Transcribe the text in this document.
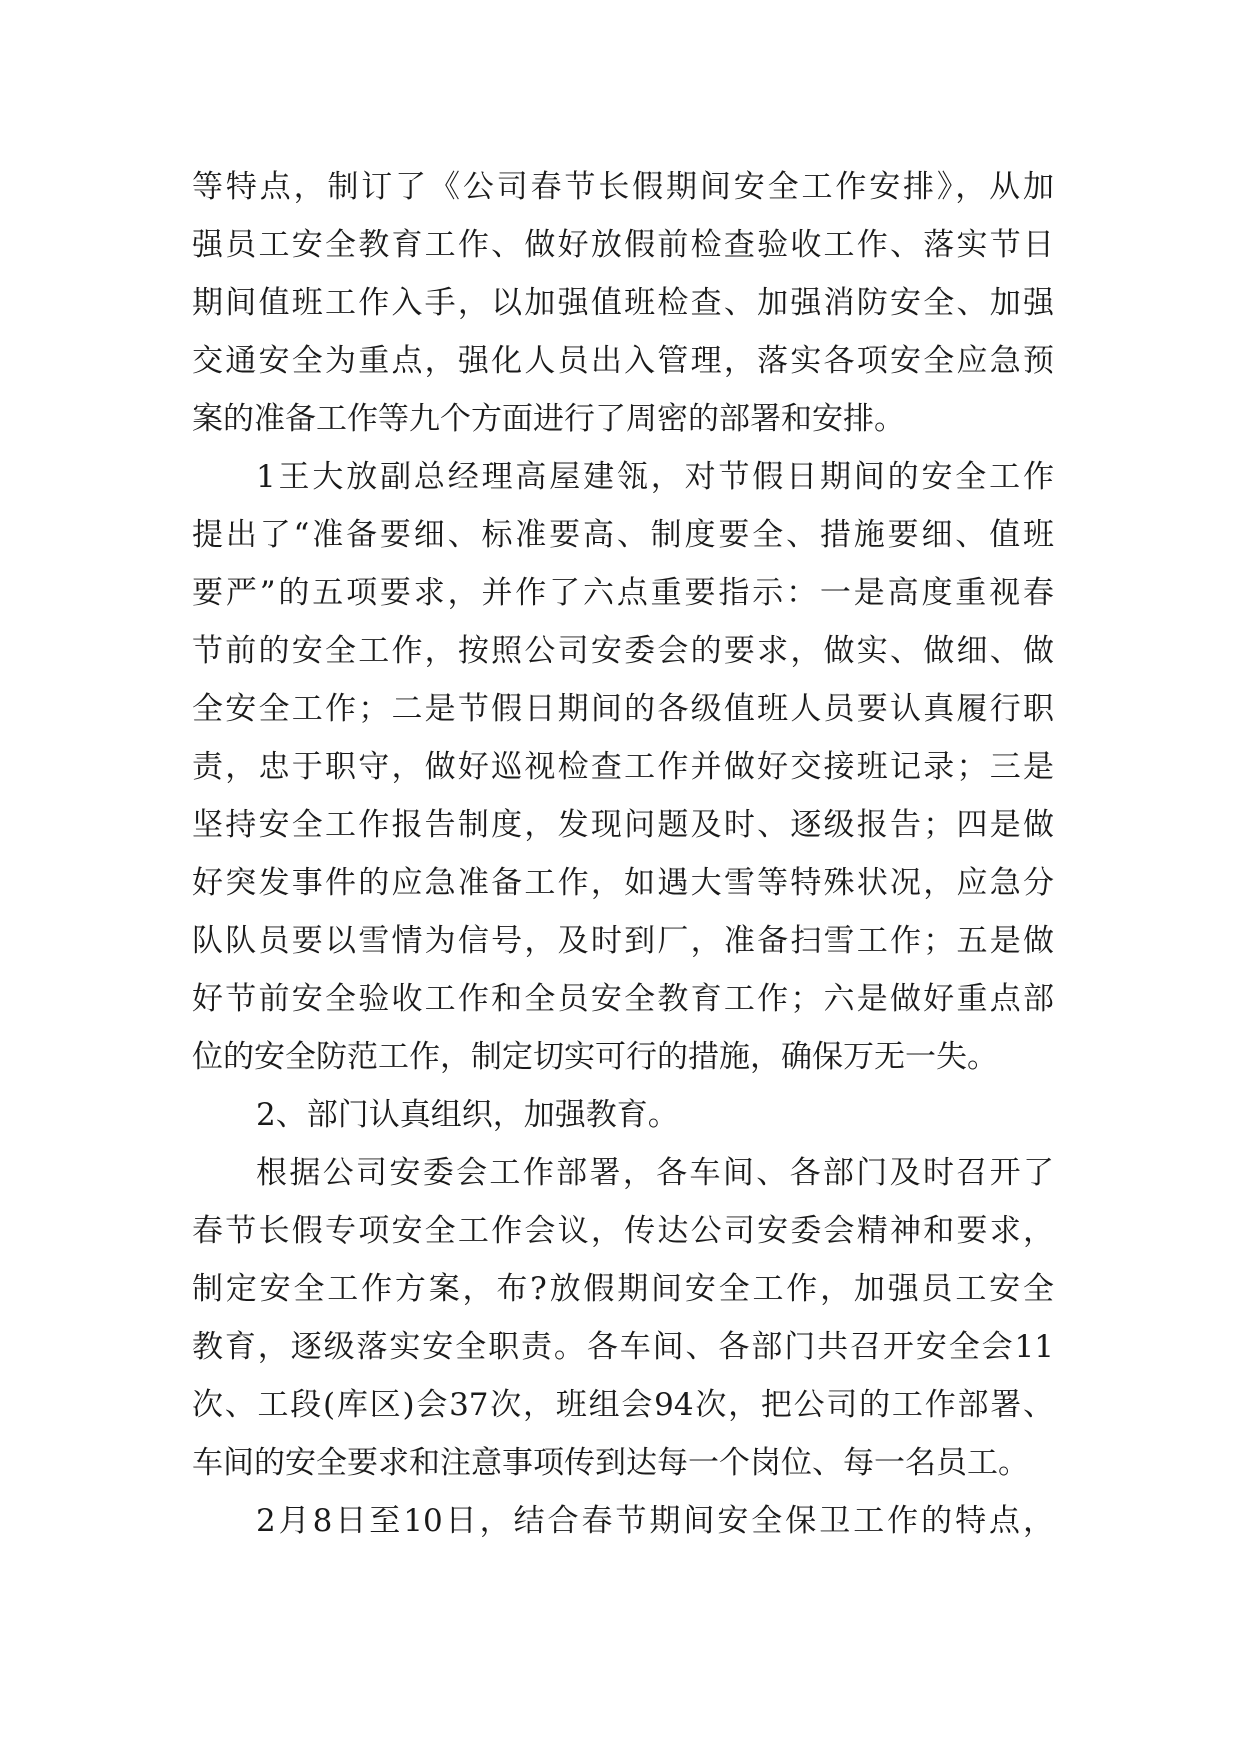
等特点，制订了《公司春节长假期间安全工作安排》，从加
强员工安全教育工作、做好放假前检查验收工作、落实节日
期间值班工作入手，以加强值班检查、加强消防安全、加强
交通安全为重点，强化人员出入管理，落实各项安全应急预
案的准备工作等九个方面进行了周密的部署和安排。
1王大放副总经理高屋建瓴，对节假日期间的安全工作
提出了“准备要细、标准要高、制度要全、措施要细、值班
要严”的五项要求，并作了六点重要指示：一是高度重视春
节前的安全工作，按照公司安委会的要求，做实、做细、做
全安全工作；二是节假日期间的各级值班人员要认真履行职
责，忠于职守，做好巡视检查工作并做好交接班记录；三是
坚持安全工作报告制度，发现问题及时、逐级报告；四是做
好突发事件的应急准备工作，如遇大雪等特殊状况，应急分
队队员要以雪情为信号，及时到厂，准备扫雪工作；五是做
好节前安全验收工作和全员安全教育工作；六是做好重点部
位的安全防范工作，制定切实可行的措施，确保万无一失。
2、部门认真组织，加强教育。
根据公司安委会工作部署，各车间、各部门及时召开了
春节长假专项安全工作会议，传达公司安委会精神和要求，
制定安全工作方案，布?放假期间安全工作，加强员工安全
教育，逐级落实安全职责。各车间、各部门共召开安全会11
次、工段(库区)会37次，班组会94次，把公司的工作部署、
车间的安全要求和注意事项传到达每一个岗位、每一名员工。
2月8日至10日，结合春节期间安全保卫工作的特点，
